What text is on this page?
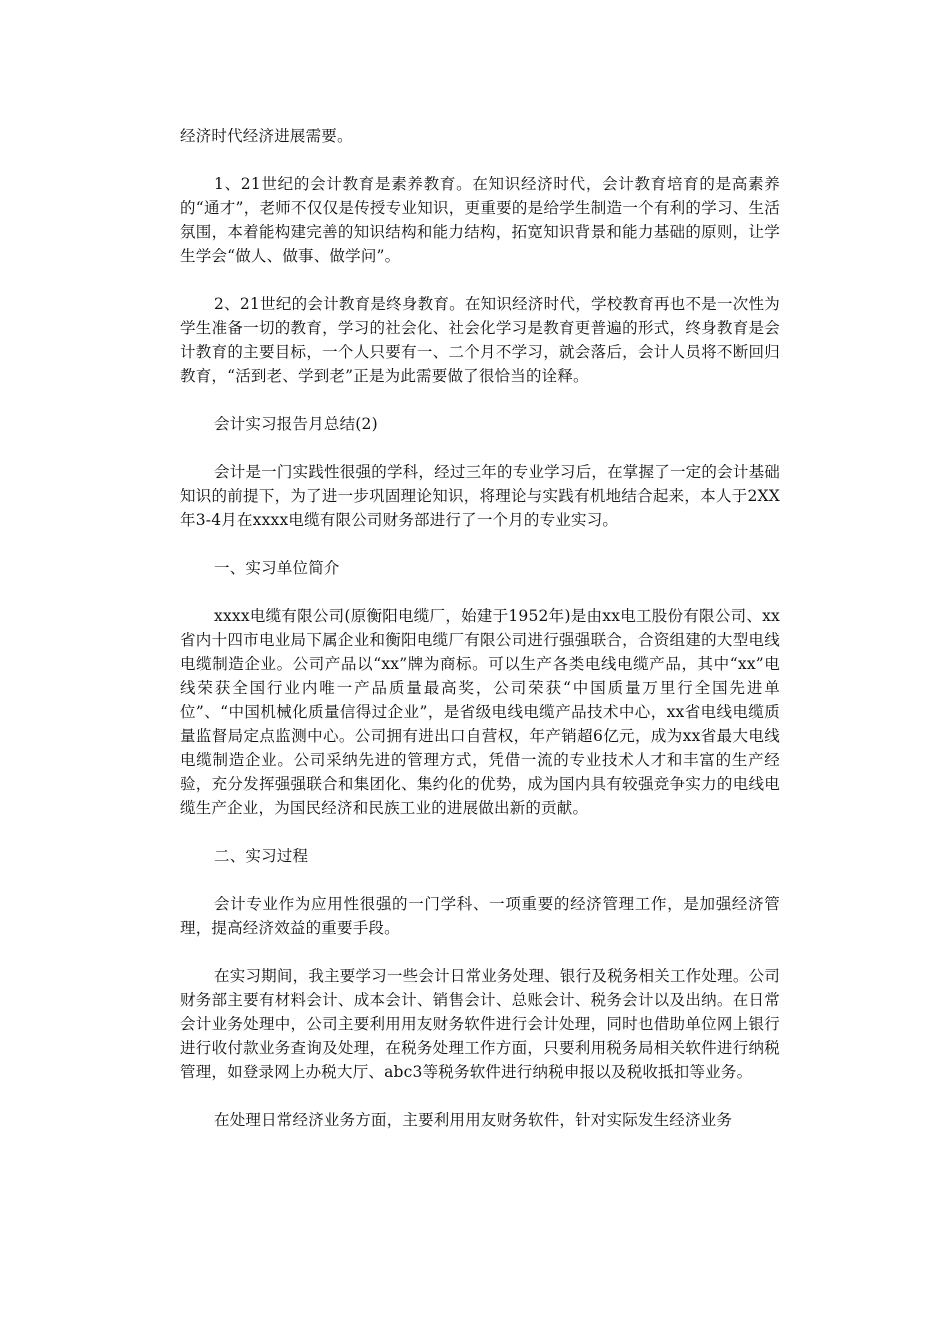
经济时代经济进展需要。

1、21世纪的会计教育是素养教育。在知识经济时代，会计教育培育的是高素养的“通才”，老师不仅仅是传授专业知识，更重要的是给学生制造一个有利的学习、生活氛围，本着能构建完善的知识结构和能力结构，拓宽知识背景和能力基础的原则，让学生学会“做人、做事、做学问”。

2、21世纪的会计教育是终身教育。在知识经济时代，学校教育再也不是一次性为学生准备一切的教育，学习的社会化、社会化学习是教育更普遍的形式，终身教育是会计教育的主要目标，一个人只要有一、二个月不学习，就会落后，会计人员将不断回归教育，“活到老、学到老”正是为此需要做了很恰当的诠释。

会计实习报告月总结(2)

会计是一门实践性很强的学科，经过三年的专业学习后，在掌握了一定的会计基础知识的前提下，为了进一步巩固理论知识，将理论与实践有机地结合起来，本人于2XX年3-4月在xxxx电缆有限公司财务部进行了一个月的专业实习。

一、实习单位简介

xxxx电缆有限公司(原衡阳电缆厂，始建于1952年)是由xx电工股份有限公司、xx省内十四市电业局下属企业和衡阳电缆厂有限公司进行强强联合，合资组建的大型电线电缆制造企业。公司产品以“xx”牌为商标。可以生产各类电线电缆产品，其中“xx”电线荣获全国行业内唯一产品质量最高奖，公司荣获“中国质量万里行全国先进单位”、“中国机械化质量信得过企业”，是省级电线电缆产品技术中心，xx省电线电缆质量监督局定点监测中心。公司拥有进出口自营权，年产销超6亿元，成为xx省最大电线电缆制造企业。公司采纳先进的管理方式，凭借一流的专业技术人才和丰富的生产经验，充分发挥强强联合和集团化、集约化的优势，成为国内具有较强竞争实力的电线电缆生产企业，为国民经济和民族工业的进展做出新的贡献。

二、实习过程

会计专业作为应用性很强的一门学科、一项重要的经济管理工作，是加强经济管理，提高经济效益的重要手段。

在实习期间，我主要学习一些会计日常业务处理、银行及税务相关工作处理。公司财务部主要有材料会计、成本会计、销售会计、总账会计、税务会计以及出纳。在日常会计业务处理中，公司主要利用用友财务软件进行会计处理，同时也借助单位网上银行进行收付款业务查询及处理，在税务处理工作方面，只要利用税务局相关软件进行纳税管理，如登录网上办税大厅、abc3等税务软件进行纳税申报以及税收抵扣等业务。

在处理日常经济业务方面，主要利用用友财务软件，针对实际发生经济业务
